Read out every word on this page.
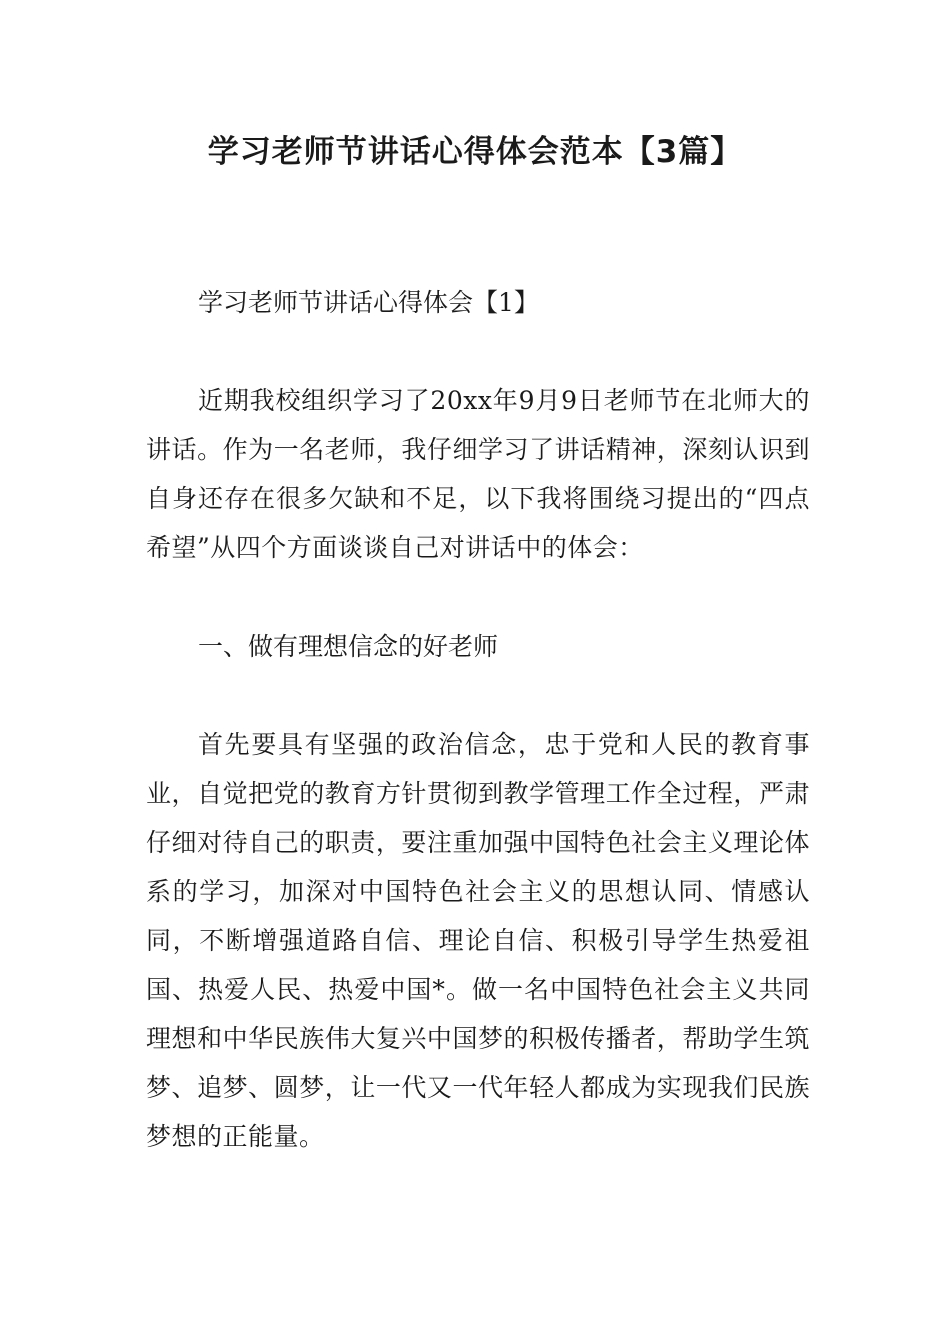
学习老师节讲话心得体会范本【3篇】

学习老师节讲话心得体会【1】

近期我校组织学习了20xx年9月9日老师节在北师大的讲话。作为一名老师，我仔细学习了讲话精神，深刻认识到自身还存在很多欠缺和不足，以下我将围绕习提出的“四点希望”从四个方面谈谈自己对讲话中的体会：

一、做有理想信念的好老师

首先要具有坚强的政治信念，忠于党和人民的教育事业，自觉把党的教育方针贯彻到教学管理工作全过程，严肃仔细对待自己的职责，要注重加强中国特色社会主义理论体系的学习，加深对中国特色社会主义的思想认同、情感认同，不断增强道路自信、理论自信、积极引导学生热爱祖国、热爱人民、热爱中国*。做一名中国特色社会主义共同理想和中华民族伟大复兴中国梦的积极传播者，帮助学生筑梦、追梦、圆梦，让一代又一代年轻人都成为实现我们民族梦想的正能量。
